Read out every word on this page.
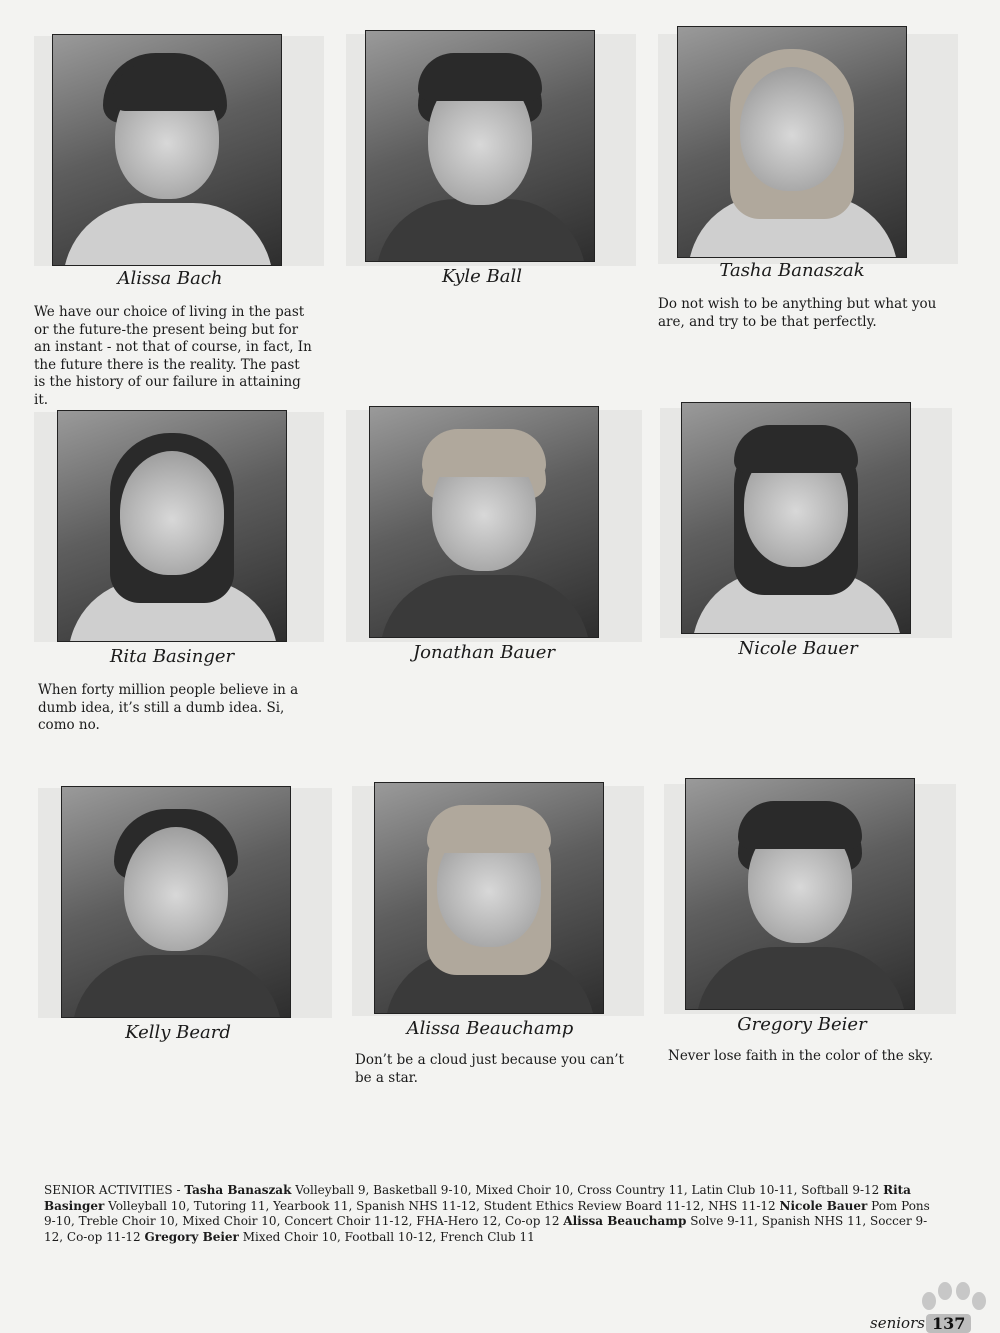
Alissa Bach
We have our choice of living in the past or the future-the present being but for an instant - not that of course, in fact, In the future there is the reality. The past is the history of our failure in attaining it.
Kyle Ball	Tasha Banaszak
Do not wish to be anything but what you are, and try to be that perfectly.
Rita Basinger
When forty million people believe in a dumb idea, it’s still a dumb idea. Si, como no.
Jonathan Bauer	Nicole Bauer
Kelly Beard	Alissa Beauchamp
Don’t be a cloud just because you can’t be a star.
Gregory Beier
Never lose faith in the color of the sky.
SENIOR ACTIVITIES - Tasha Banaszak Volleyball 9, Basketball 9-10, Mixed Choir 10, Cross Country 11, Latin Club 10-11, Softball 9-12 Rita Basinger Volleyball 10, Tutoring 11, Yearbook 11, Spanish NHS 11-12, Student Ethics Review Board 11-12, NHS 11-12 Nicole Bauer Pom Pons 9-10, Treble Choir 10, Mixed Choir 10, Concert Choir 11-12, FHA-Hero 12, Co-op 12 Alissa Beauchamp Solve 9-11, Spanish NHS 11, Soccer 9-12, Co-op 11-12 Gregory Beier Mixed Choir 10, Football 10-12, French Club 11
seniors 137
